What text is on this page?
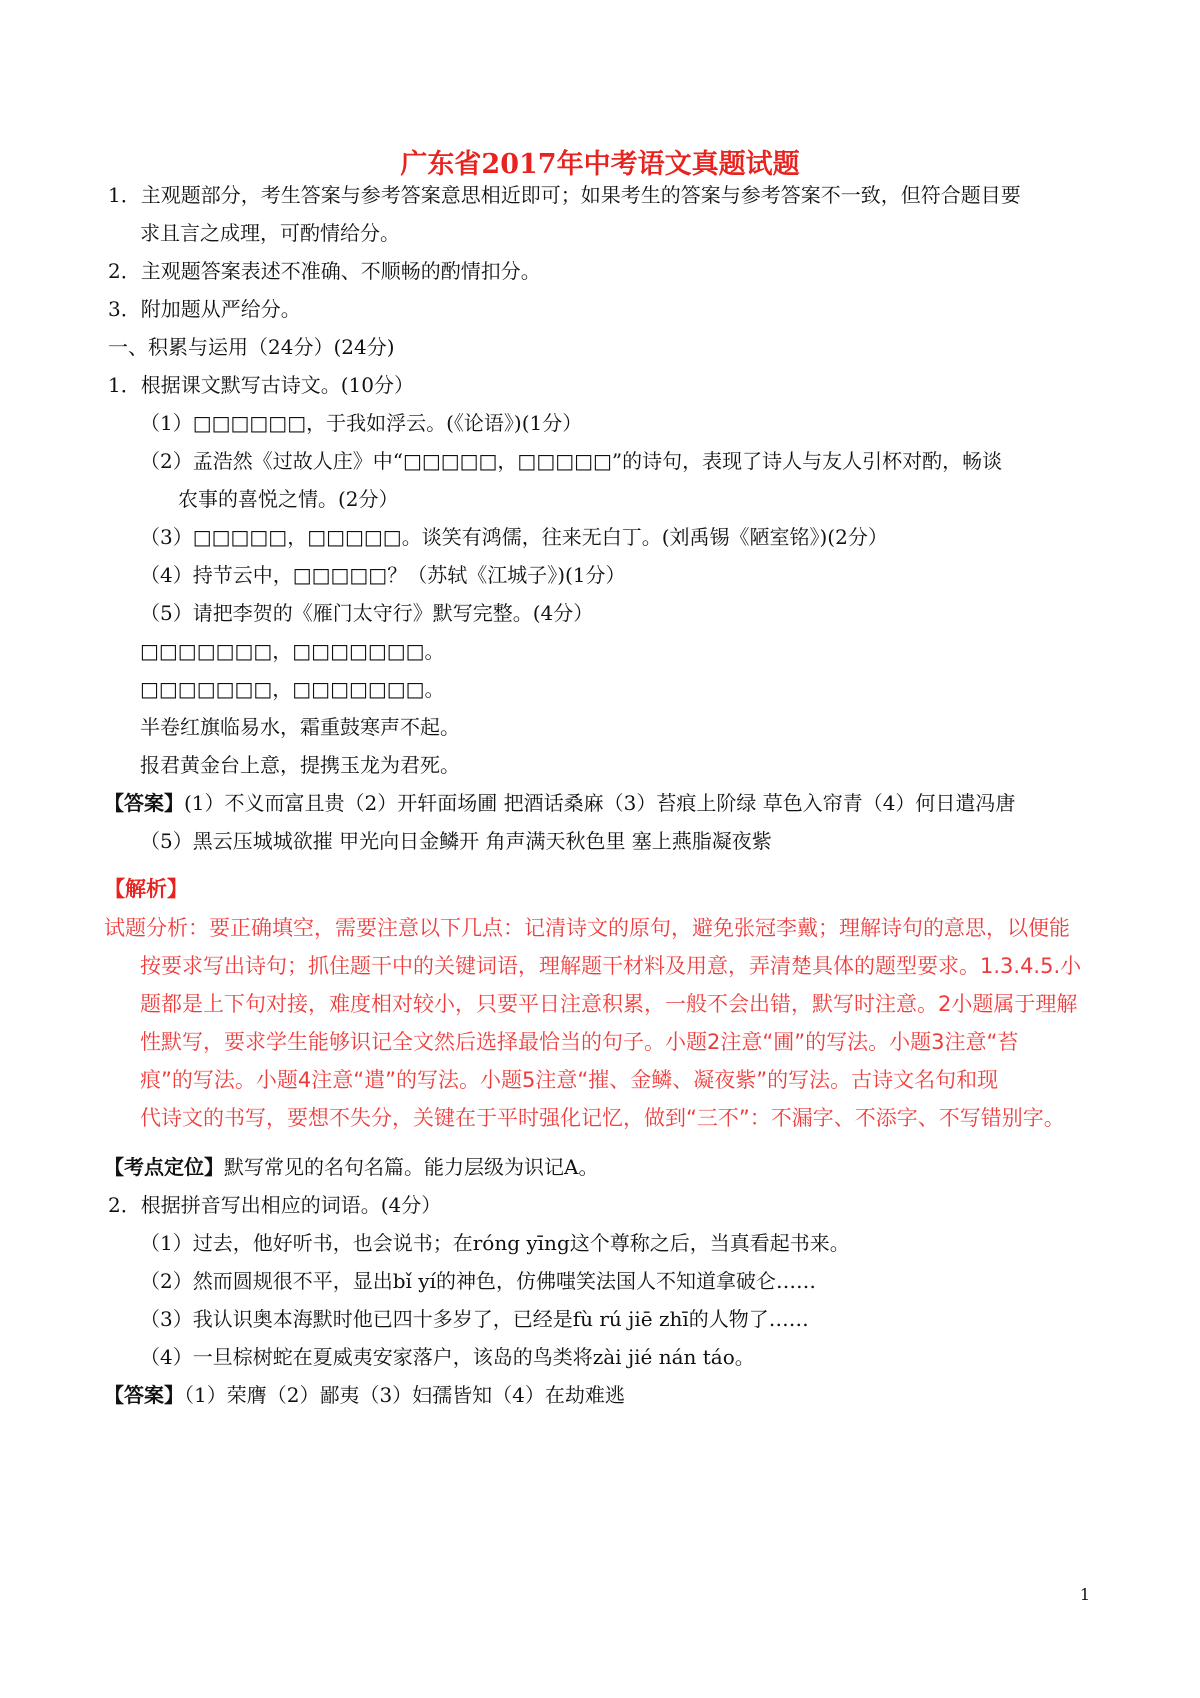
广东省2017年中考语文真题试题
1．主观题部分，考生答案与参考答案意思相近即可；如果考生的答案与参考答案不一致，但符合题目要
求且言之成理，可酌情给分。
2．主观题答案表述不准确、不顺畅的酌情扣分。
3．附加题从严给分。
一、积累与运用（24分）(24分)
1．根据课文默写古诗文。(10分）
（1）□□□□□□，于我如浮云。(《论语》)(1分）
（2）孟浩然《过故人庄》中“□□□□□，□□□□□”的诗句，表现了诗人与友人引杯对酌，畅谈
农事的喜悦之情。(2分）
（3）□□□□□，□□□□□。谈笑有鸿儒，往来无白丁。(刘禹锡《陋室铭》)(2分）
（4）持节云中，□□□□□？（苏轼《江城子》)(1分）
（5）请把李贺的《雁门太守行》默写完整。(4分）
□□□□□□□，□□□□□□□。
□□□□□□□，□□□□□□□。
半卷红旗临易水，霜重鼓寒声不起。
报君黄金台上意，提携玉龙为君死。
【答案】(1）不义而富且贵（2）开轩面场圃 把酒话桑麻（3）苔痕上阶绿 草色入帘青（4）何日遣冯唐
（5）黑云压城城欲摧 甲光向日金鳞开 角声满天秋色里 塞上燕脂凝夜紫
【解析】
试题分析：要正确填空，需要注意以下几点：记清诗文的原句，避免张冠李戴；理解诗句的意思，以便能
按要求写出诗句；抓住题干中的关键词语，理解题干材料及用意，弄清楚具体的题型要求。1.3.4.5.小
题都是上下句对接，难度相对较小，只要平日注意积累，一般不会出错，默写时注意。2小题属于理解
性默写，要求学生能够识记全文然后选择最恰当的句子。小题2注意“圃”的写法。小题3注意“苔
痕”的写法。小题4注意“遣”的写法。小题5注意“摧、金鳞、凝夜紫”的写法。古诗文名句和现
代诗文的书写，要想不失分，关键在于平时强化记忆，做到“三不”：不漏字、不添字、不写错别字。
【考点定位】默写常见的名句名篇。能力层级为识记A。
2．根据拼音写出相应的词语。(4分）
（1）过去，他好听书，也会说书；在róng yīng这个尊称之后，当真看起书来。
（2）然而圆规很不平，显出bǐ yí的神色，仿佛嗤笑法国人不知道拿破仑……
（3）我认识奥本海默时他已四十多岁了，已经是fù rú jiē zhī的人物了……
（4）一旦棕树蛇在夏威夷安家落户，该岛的鸟类将zài jié nán táo。
【答案】（1）荣膺（2）鄙夷（3）妇孺皆知（4）在劫难逃
1
